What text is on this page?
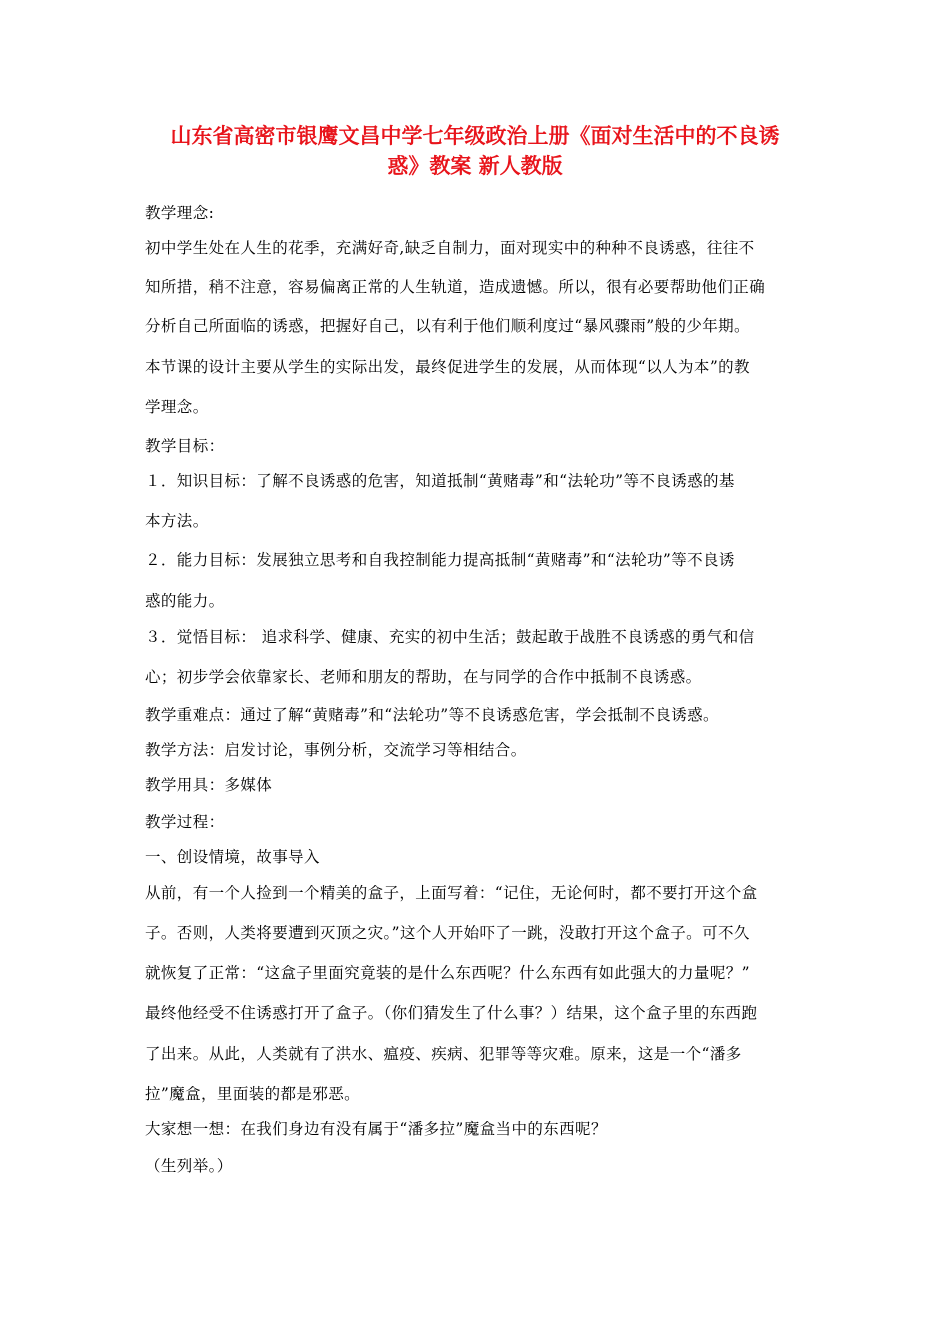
山东省高密市银鹰文昌中学七年级政治上册《面对生活中的不良诱
惑》教案 新人教版
教学理念:
初中学生处在人生的花季，充满好奇,缺乏自制力，面对现实中的种种不良诱惑，往往不
知所措，稍不注意，容易偏离正常的人生轨道，造成遗憾。所以，很有必要帮助他们正确
分析自己所面临的诱惑，把握好自己，以有利于他们顺利度过“暴风骤雨”般的少年期。
本节课的设计主要从学生的实际出发，最终促进学生的发展，从而体现“以人为本”的教
学理念。
教学目标：
１．知识目标：了解不良诱惑的危害，知道抵制“黄赌毒”和“法轮功”等不良诱惑的基
本方法。
２．能力目标：发展独立思考和自我控制能力提高抵制“黄赌毒”和“法轮功”等不良诱
惑的能力。
３．觉悟目标： 追求科学、健康、充实的初中生活；鼓起敢于战胜不良诱惑的勇气和信
心；初步学会依靠家长、老师和朋友的帮助，在与同学的合作中抵制不良诱惑。
教学重难点：通过了解“黄赌毒”和“法轮功”等不良诱惑危害，学会抵制不良诱惑。
教学方法：启发讨论，事例分析，交流学习等相结合。
教学用具：多媒体
教学过程：
一、创设情境，故事导入
从前，有一个人捡到一个精美的盒子，上面写着：“记住，无论何时，都不要打开这个盒
子。否则，人类将要遭到灭顶之灾。”这个人开始吓了一跳，没敢打开这个盒子。可不久
就恢复了正常：“这盒子里面究竟装的是什么东西呢？什么东西有如此强大的力量呢？”
最终他经受不住诱惑打开了盒子。（你们猜发生了什么事？）结果，这个盒子里的东西跑
了出来。从此，人类就有了洪水、瘟疫、疾病、犯罪等等灾难。原来，这是一个“潘多
拉”魔盒，里面装的都是邪恶。
大家想一想：在我们身边有没有属于“潘多拉”魔盒当中的东西呢？
（生列举。）
